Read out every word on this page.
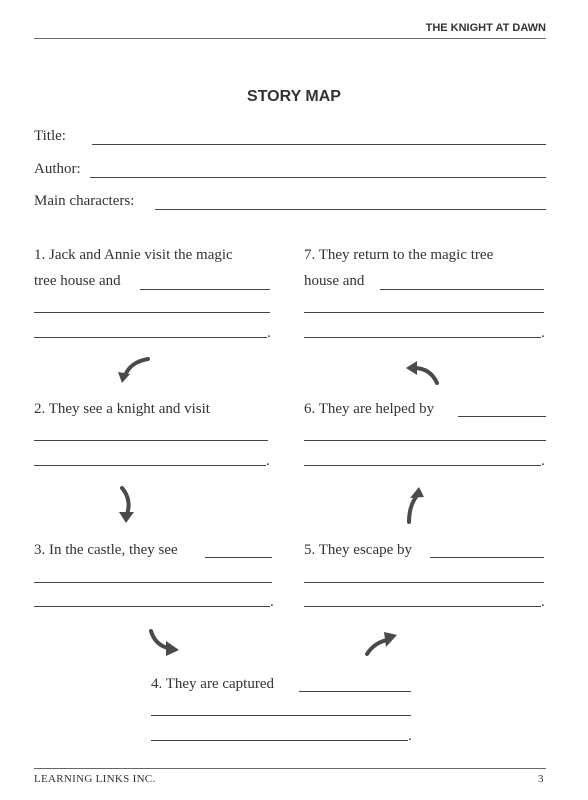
THE KNIGHT AT DAWN
STORY MAP
Title:
Author:
Main characters:
1. Jack and Annie visit the magic
tree house and
.
7. They return to the magic tree
house and
.
2. They see a knight and visit
.
6. They are helped by
.
3. In the castle, they see
.
5. They escape by
.
4. They are captured
.
LEARNING LINKS INC.	3
